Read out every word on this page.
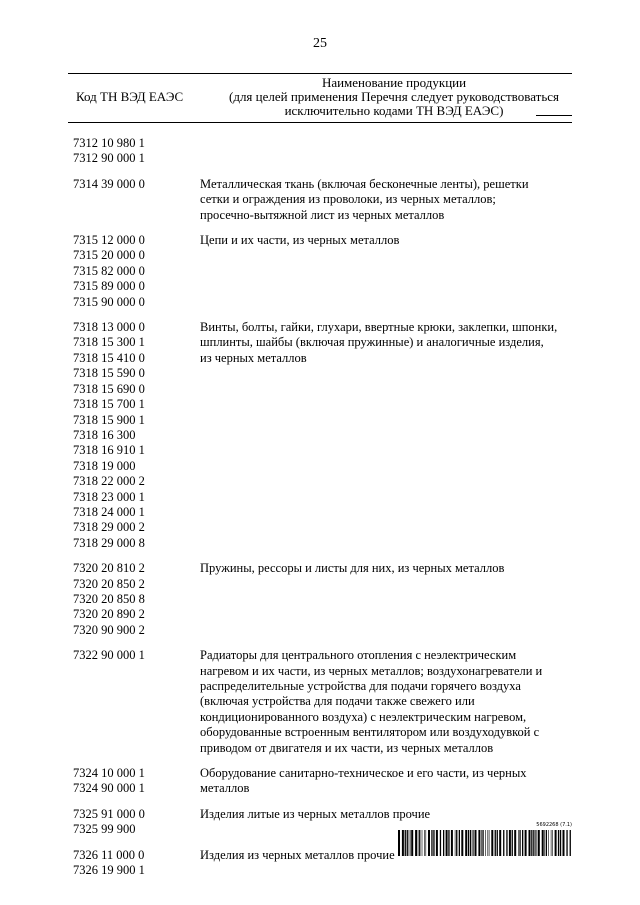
25
Код ТН ВЭД ЕАЭС
Наименование продукции
(для целей применения Перечня следует руководствоваться
исключительно кодами ТН ВЭД ЕАЭС)
7312 10 980 1
7312 90 000 1
7314 39 000 0	Металлическая ткань (включая бесконечные ленты), решетки
сетки и ограждения из проволоки, из черных металлов;
просечно-вытяжной лист из черных металлов
7315 12 000 0
7315 20 000 0
7315 82 000 0
7315 89 000 0
7315 90 000 0
Цепи и их части, из черных металлов
7318 13 000 0
7318 15 300 1
7318 15 410 0
7318 15 590 0
7318 15 690 0
7318 15 700 1
7318 15 900 1
7318 16 300
7318 16 910 1
7318 19 000
7318 22 000 2
7318 23 000 1
7318 24 000 1
7318 29 000 2
7318 29 000 8
Винты, болты, гайки, глухари, ввертные крюки, заклепки, шпонки,
шплинты, шайбы (включая пружинные) и аналогичные изделия,
из черных металлов
7320 20 810 2
7320 20 850 2
7320 20 850 8
7320 20 890 2
7320 90 900 2
Пружины, рессоры и листы для них, из черных металлов
7322 90 000 1	Радиаторы для центрального отопления с неэлектрическим
нагревом и их части, из черных металлов; воздухонагреватели и
распределительные устройства для подачи горячего воздуха
(включая устройства для подачи также свежего или
кондиционированного воздуха) с неэлектрическим нагревом,
оборудованные встроенным вентилятором или воздуходувкой с
приводом от двигателя и их части, из черных металлов
7324 10 000 1
7324 90 000 1
Оборудование санитарно-техническое и его части, из черных
металлов
7325 91 000 0
7325 99 900
Изделия литые из черных металлов прочие
7326 11 000 0
7326 19 900 1
Изделия из черных металлов прочие
5692268 (7.1)
